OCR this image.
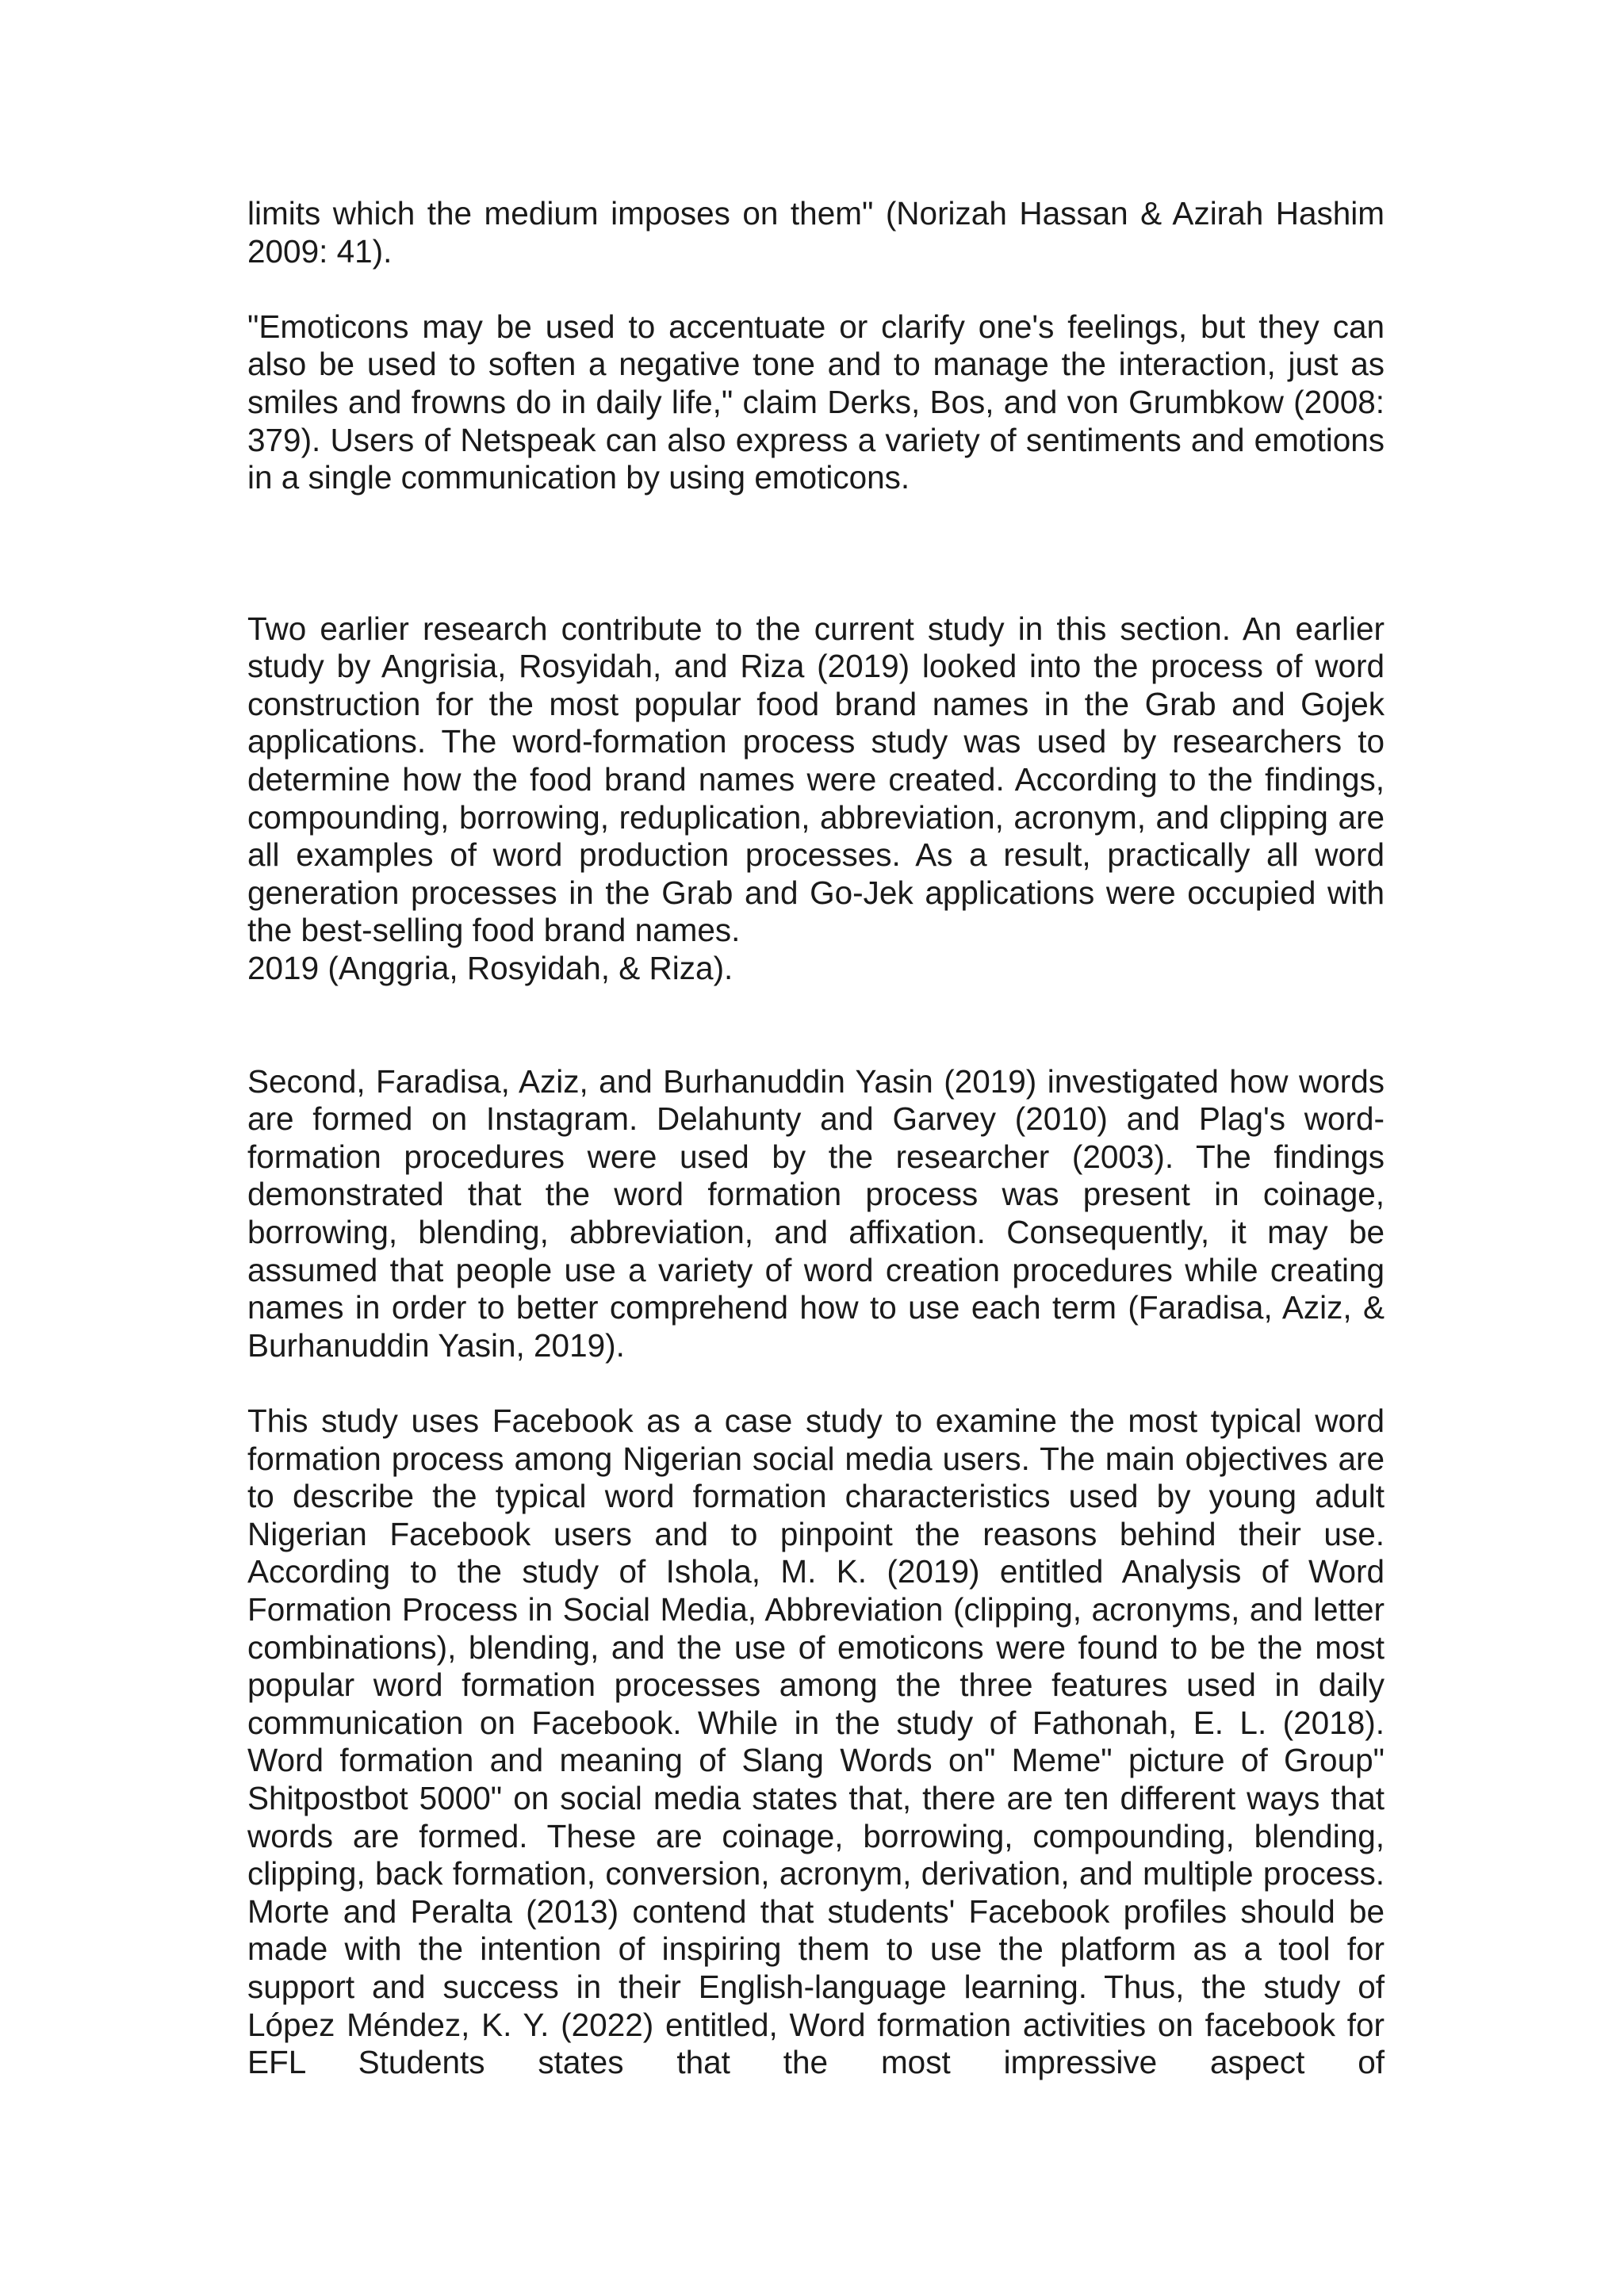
limits which the medium imposes on them" (Norizah Hassan & Azirah Hashim 2009: 41).

"Emoticons may be used to accentuate or clarify one's feelings, but they can also be used to soften a negative tone and to manage the interaction, just as smiles and frowns do in daily life," claim Derks, Bos, and von Grumbkow (2008: 379). Users of Netspeak can also express a variety of sentiments and emotions in a single communication by using emoticons.

Two earlier research contribute to the current study in this section. An earlier study by Angrisia, Rosyidah, and Riza (2019) looked into the process of word construction for the most popular food brand names in the Grab and Gojek applications. The word-formation process study was used by researchers to determine how the food brand names were created. According to the findings, compounding, borrowing, reduplication, abbreviation, acronym, and clipping are all examples of word production processes. As a result, practically all word generation processes in the Grab and Go-Jek applications were occupied with the best-selling food brand names.

2019 (Anggria, Rosyidah, & Riza).

Second, Faradisa, Aziz, and Burhanuddin Yasin (2019) investigated how words are formed on Instagram. Delahunty and Garvey (2010) and Plag's word-formation procedures were used by the researcher (2003). The findings demonstrated that the word formation process was present in coinage, borrowing, blending, abbreviation, and affixation. Consequently, it may be assumed that people use a variety of word creation procedures while creating names in order to better comprehend how to use each term (Faradisa, Aziz, & Burhanuddin Yasin, 2019).

This study uses Facebook as a case study to examine the most typical word formation process among Nigerian social media users. The main objectives are to describe the typical word formation characteristics used by young adult Nigerian Facebook users and to pinpoint the reasons behind their use. According to the study of Ishola, M. K. (2019) entitled Analysis of Word Formation Process in Social Media, Abbreviation (clipping, acronyms, and letter combinations), blending, and the use of emoticons were found to be the most popular word formation processes among the three features used in daily communication on Facebook. While in the study of Fathonah, E. L. (2018). Word formation and meaning of Slang Words on" Meme" picture of Group" Shitpostbot 5000" on social media states that, there are ten different ways that words are formed. These are coinage, borrowing, compounding, blending, clipping, back formation, conversion, acronym, derivation, and multiple process. Morte and Peralta (2013) contend that students' Facebook profiles should be made with the intention of inspiring them to use the platform as a tool for support and success in their English-language learning. Thus, the study of López Méndez, K. Y. (2022) entitled, Word formation activities on facebook for EFL Students states that the most impressive aspect of
